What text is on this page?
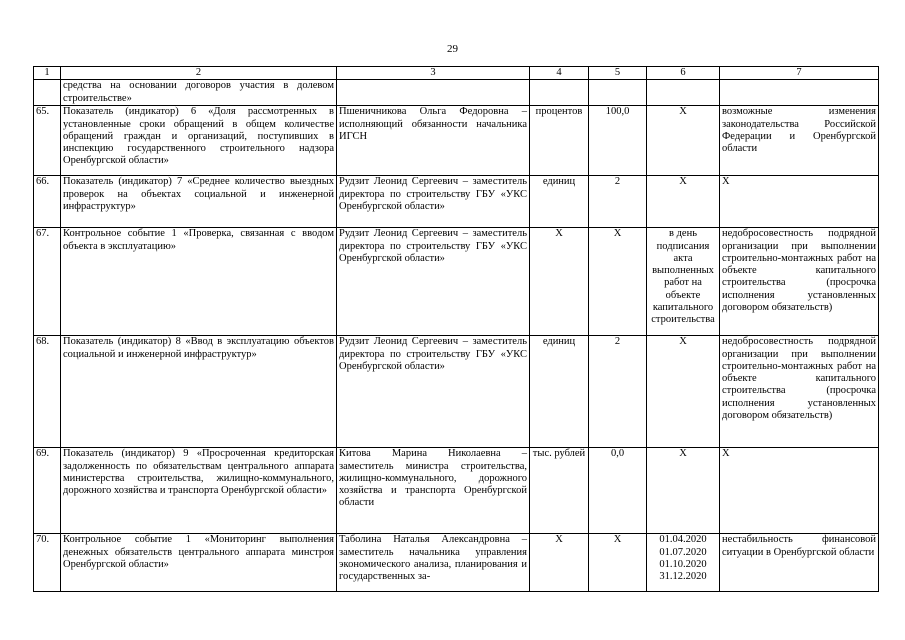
29
1	2	3	4	5	6	7
	средства на основании договоров участия в долевом строительстве»					
65.	Показатель (индикатор) 6 «Доля рассмотренных в установленные сроки обращений в общем количестве обращений граждан и организаций, поступивших в инспекцию государственного строительного надзора Оренбургской области»	Пшеничникова Ольга Федоровна – исполняющий обязанности начальника ИГСН	процентов	100,0	X	возможные изменения законодательства Российской Федерации и Оренбургской области
66.	Показатель (индикатор) 7 «Среднее количество выездных проверок на объектах социальной и инженерной инфраструктур»	Рудзит Леонид Сергеевич – заместитель директора по строительству ГБУ «УКС Оренбургской области»	единиц	2	X	X
67.	Контрольное событие 1 «Проверка, связанная с вводом объекта в эксплуатацию»	Рудзит Леонид Сергеевич – заместитель директора по строительству ГБУ «УКС Оренбургской области»	X	X	в день подписания акта выполненных работ на объекте капитального строительства	недобросовестность подрядной организации при выполнении строительно-монтажных работ на объекте капитального строительства (просрочка исполнения установленных договором обязательств)
68.	Показатель (индикатор) 8 «Ввод в эксплуатацию объектов социальной и инженерной инфраструктур»	Рудзит Леонид Сергеевич – заместитель директора по строительству ГБУ «УКС Оренбургской области»	единиц	2	X	недобросовестность подрядной организации при выполнении строительно-монтажных работ на объекте капитального строительства (просрочка исполнения установленных договором обязательств)
69.	Показатель (индикатор) 9 «Просроченная кредиторская задолженность по обязательствам центрального аппарата министерства строительства, жилищно-коммунального, дорожного хозяйства и транспорта Оренбургской области»	Китова Марина Николаевна – заместитель министра строительства, жилищно-коммунального, дорожного хозяйства и транспорта Оренбургской области	тыс. рублей	0,0	X	X
70.	Контрольное событие 1 «Мониторинг выполнения денежных обязательств центрального аппарата минстроя Оренбургской области»	Таболина Наталья Александровна – заместитель начальника управления экономического анализа, планирования и государственных за-	X	X	01.04.2020 01.07.2020 01.10.2020 31.12.2020	нестабильность финансовой ситуации в Оренбургской области
